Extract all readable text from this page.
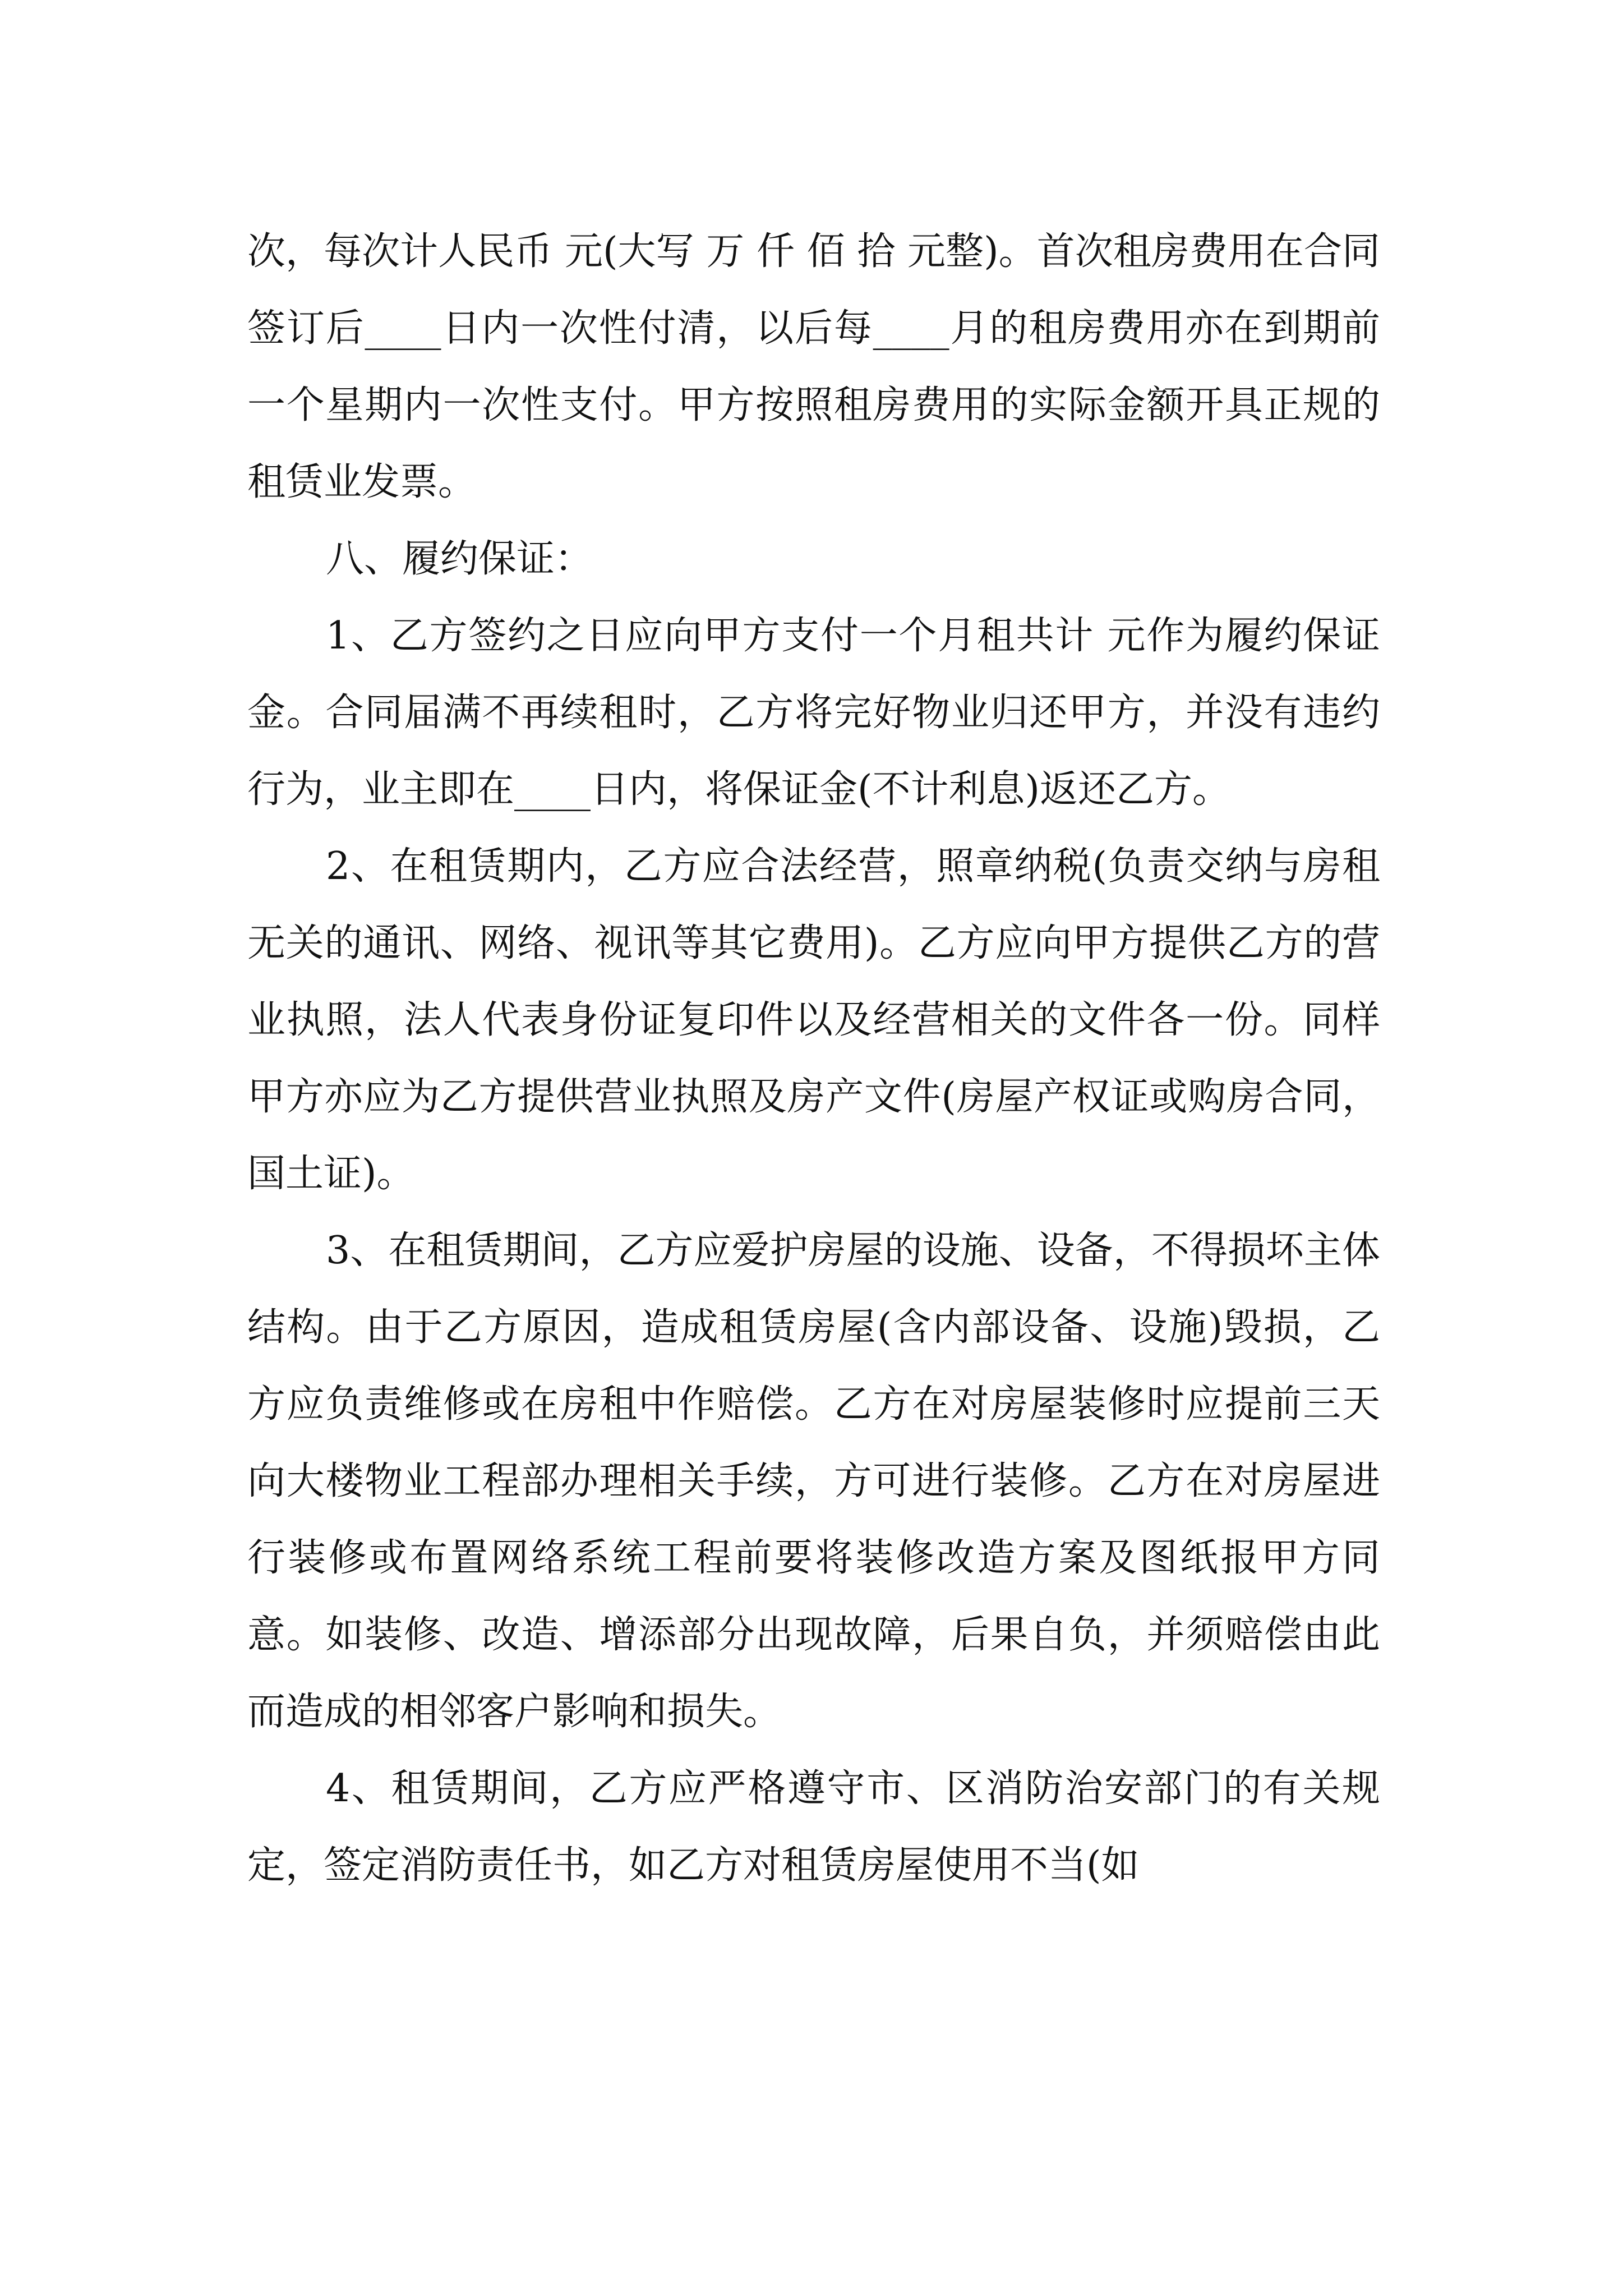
次，每次计人民币 元(大写 万 仟 佰 拾 元整)。首次租房费用在合同签订后____日内一次性付清，以后每____月的租房费用亦在到期前一个星期内一次性支付。甲方按照租房费用的实际金额开具正规的租赁业发票。

八、履约保证：

1、乙方签约之日应向甲方支付一个月租共计 元作为履约保证金。合同届满不再续租时，乙方将完好物业归还甲方，并没有违约行为，业主即在____日内，将保证金(不计利息)返还乙方。

2、在租赁期内，乙方应合法经营，照章纳税(负责交纳与房租无关的通讯、网络、视讯等其它费用)。乙方应向甲方提供乙方的营业执照，法人代表身份证复印件以及经营相关的文件各一份。同样甲方亦应为乙方提供营业执照及房产文件(房屋产权证或购房合同，国土证)。

3、在租赁期间，乙方应爱护房屋的设施、设备，不得损坏主体结构。由于乙方原因，造成租赁房屋(含内部设备、设施)毁损，乙方应负责维修或在房租中作赔偿。乙方在对房屋装修时应提前三天向大楼物业工程部办理相关手续，方可进行装修。乙方在对房屋进行装修或布置网络系统工程前要将装修改造方案及图纸报甲方同意。如装修、改造、增添部分出现故障，后果自负，并须赔偿由此而造成的相邻客户影响和损失。

4、租赁期间，乙方应严格遵守市、区消防治安部门的有关规定，签定消防责任书，如乙方对租赁房屋使用不当(如
